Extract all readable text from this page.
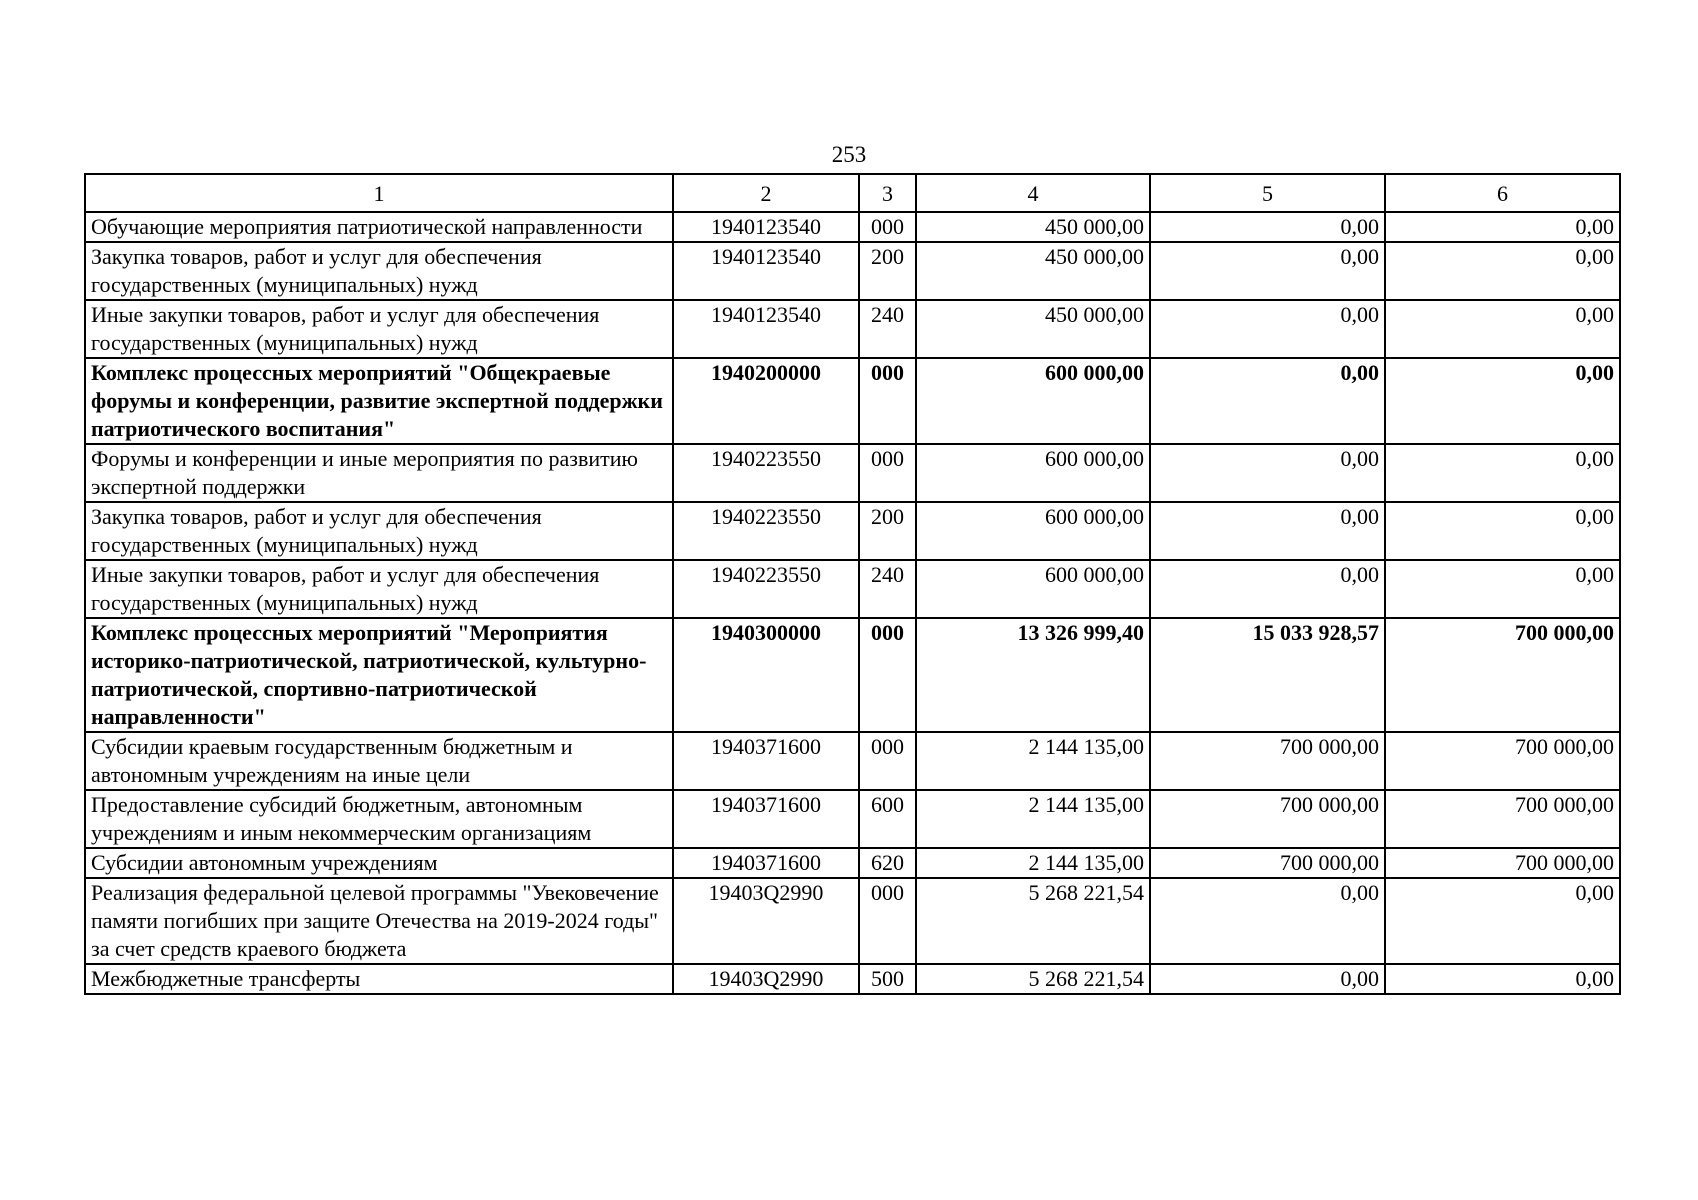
253
1	2	3	4	5	6
Обучающие мероприятия патриотической направленности	1940123540	000	450 000,00	0,00	0,00
Закупка товаров, работ и услуг для обеспечения государственных (муниципальных) нужд	1940123540	200	450 000,00	0,00	0,00
Иные закупки товаров, работ и услуг для обеспечения государственных (муниципальных) нужд	1940123540	240	450 000,00	0,00	0,00
Комплекс процессных мероприятий "Общекраевые форумы и конференции, развитие экспертной поддержки патриотического воспитания"	1940200000	000	600 000,00	0,00	0,00
Форумы и конференции и иные мероприятия по развитию экспертной поддержки	1940223550	000	600 000,00	0,00	0,00
Закупка товаров, работ и услуг для обеспечения государственных (муниципальных) нужд	1940223550	200	600 000,00	0,00	0,00
Иные закупки товаров, работ и услуг для обеспечения государственных (муниципальных) нужд	1940223550	240	600 000,00	0,00	0,00
Комплекс процессных мероприятий "Мероприятия историко-патриотической, патриотической, культурно-патриотической, спортивно-патриотической направленности"	1940300000	000	13 326 999,40	15 033 928,57	700 000,00
Субсидии краевым государственным бюджетным и автономным учреждениям на иные цели	1940371600	000	2 144 135,00	700 000,00	700 000,00
Предоставление субсидий бюджетным, автономным учреждениям и иным некоммерческим организациям	1940371600	600	2 144 135,00	700 000,00	700 000,00
Субсидии автономным учреждениям	1940371600	620	2 144 135,00	700 000,00	700 000,00
Реализация федеральной целевой программы "Увековечение памяти погибших при защите Отечества на 2019-2024 годы" за счет средств краевого бюджета	19403Q2990	000	5 268 221,54	0,00	0,00
Межбюджетные трансферты	19403Q2990	500	5 268 221,54	0,00	0,00
